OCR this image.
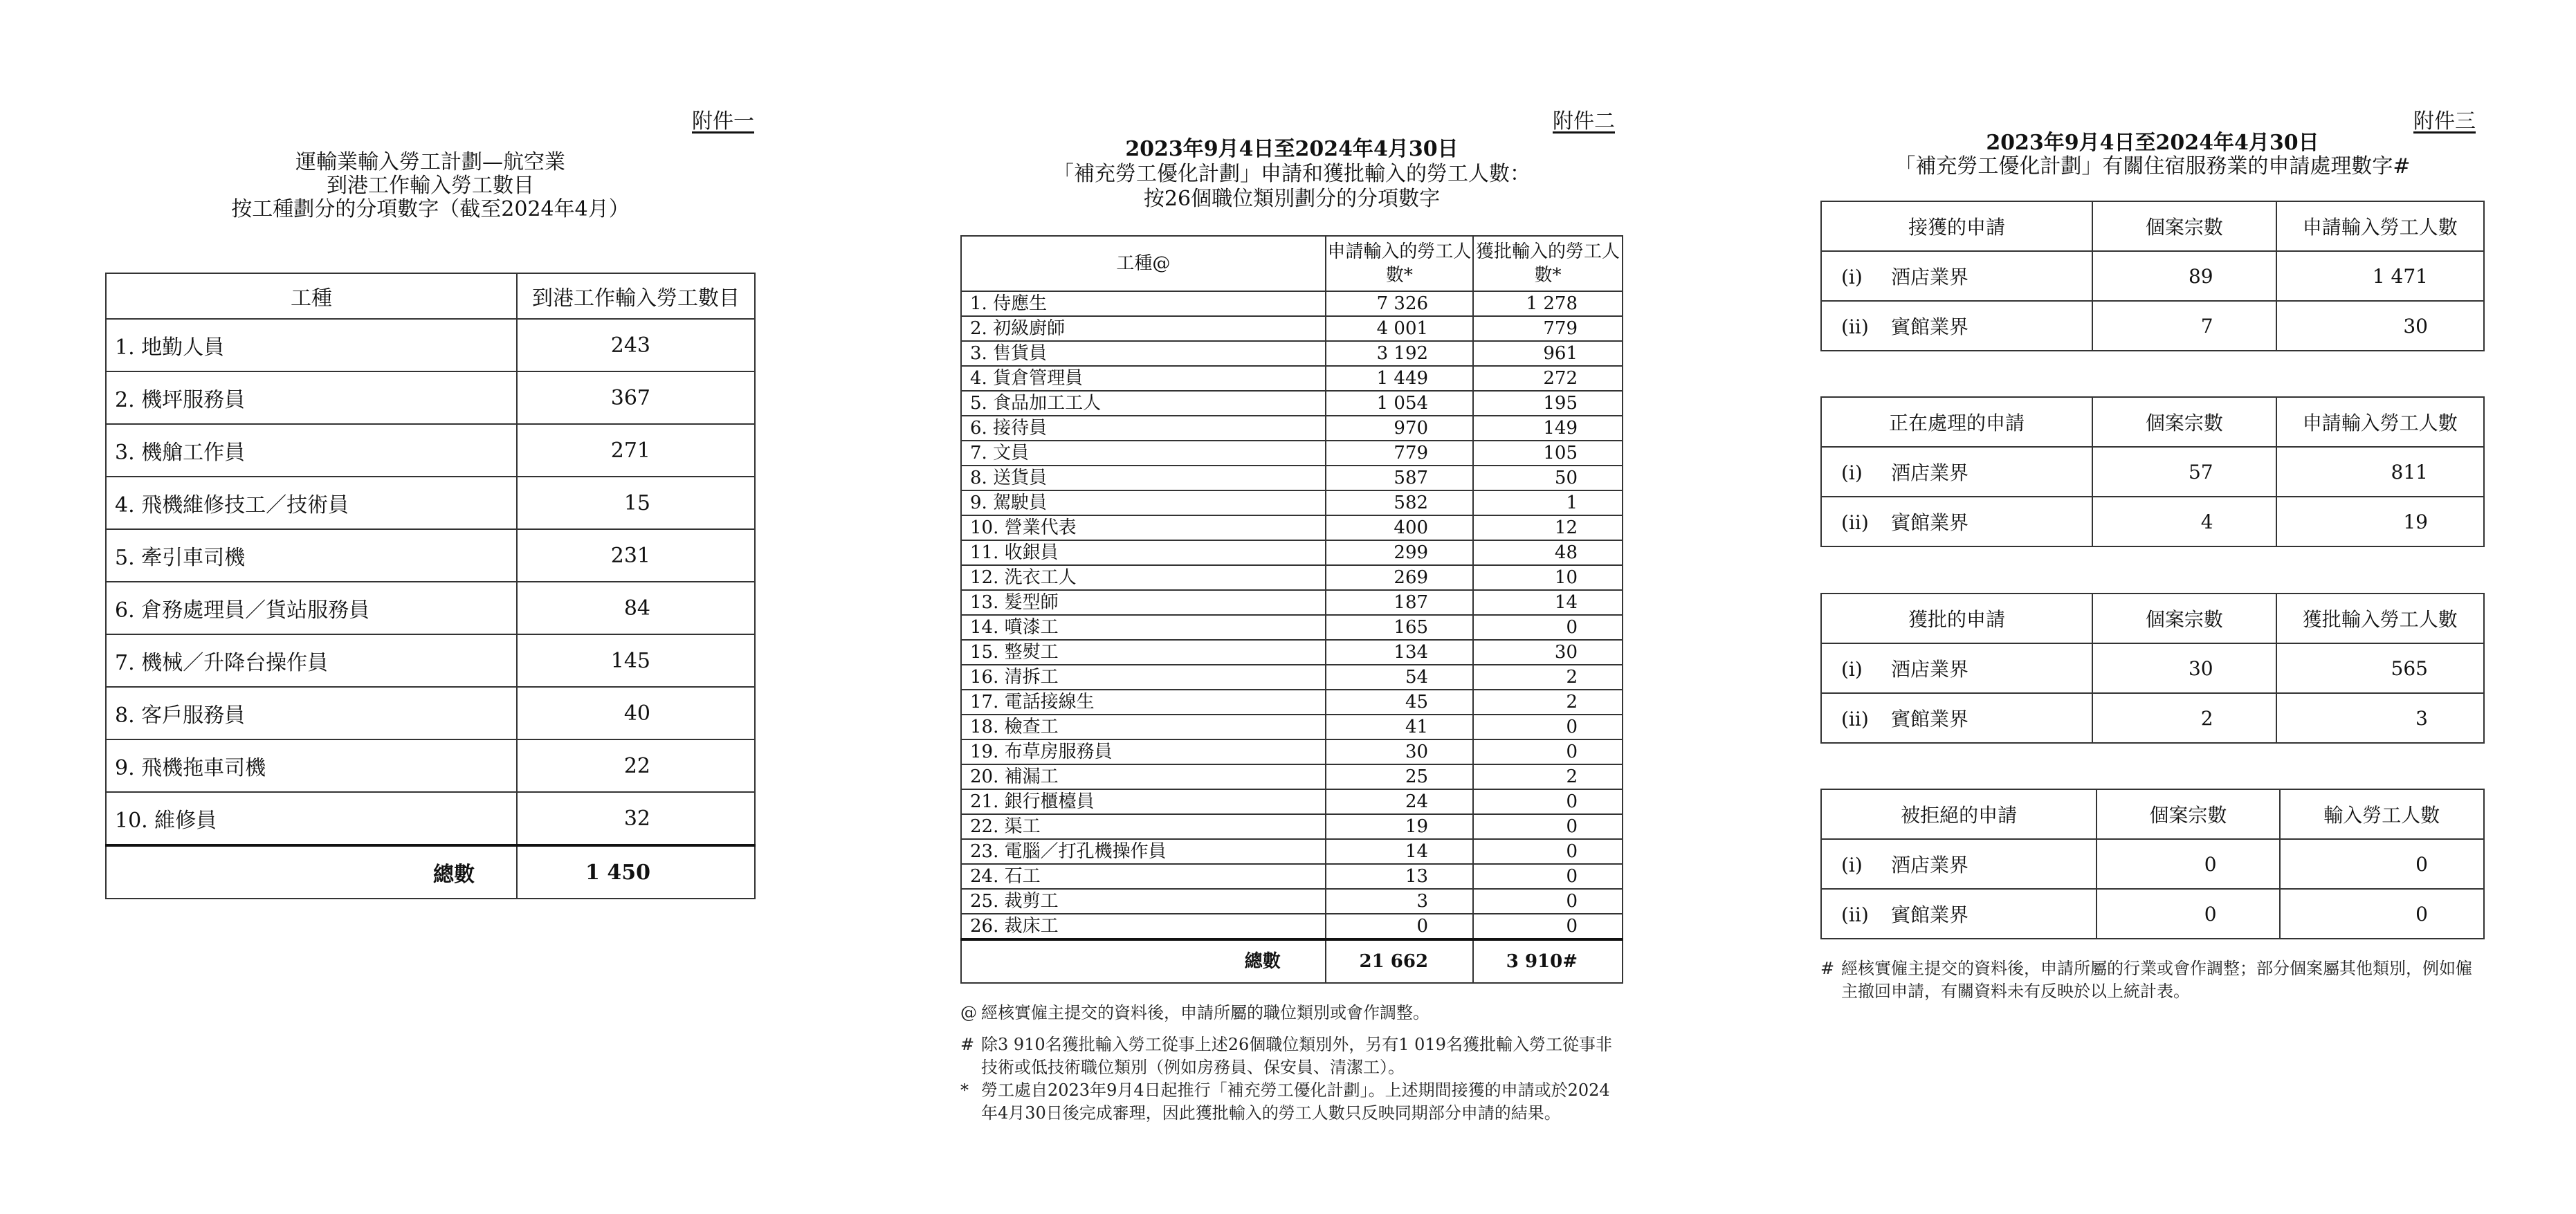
附件一
運輸業輸入勞工計劃—航空業
到港工作輸入勞工數目
按工種劃分的分項數字（截至2024年4月）
工種	到港工作輸入勞工數目
1. 地勤人員	243
2. 機坪服務員	367
3. 機艙工作員	271
4. 飛機維修技工／技術員	15
5. 牽引車司機	231
6. 倉務處理員／貨站服務員	84
7. 機械／升降台操作員	145
8. 客戶服務員	40
9. 飛機拖車司機	22
10. 維修員	32
總數	1 450
附件二
2023年9月4日至2024年4月30日
「補充勞工優化計劃」申請和獲批輸入的勞工人數：
按26個職位類別劃分的分項數字
工種@	申請輸入的勞工人數*	獲批輸入的勞工人數*
1. 侍應生	7 326	1 278
2. 初級廚師	4 001	779
3. 售貨員	3 192	961
4. 貨倉管理員	1 449	272
5. 食品加工工人	1 054	195
6. 接待員	970	149
7. 文員	779	105
8. 送貨員	587	50
9. 駕駛員	582	1
10. 營業代表	400	12
11. 收銀員	299	48
12. 洗衣工人	269	10
13. 髮型師	187	14
14. 噴漆工	165	0
15. 整熨工	134	30
16. 清拆工	54	2
17. 電話接線生	45	2
18. 檢查工	41	0
19. 布草房服務員	30	0
20. 補漏工	25	2
21. 銀行櫃檯員	24	0
22. 渠工	19	0
23. 電腦／打孔機操作員	14	0
24. 石工	13	0
25. 裁剪工	3	0
26. 裁床工	0	0
總數	21 662	3 910#
@ 經核實僱主提交的資料後，申請所屬的職位類別或會作調整。
# 除3 910名獲批輸入勞工從事上述26個職位類別外，另有1 019名獲批輸入勞工從事非技術或低技術職位類別（例如房務員、保安員、清潔工）。
* 勞工處自2023年9月4日起推行「補充勞工優化計劃」。上述期間接獲的申請或於2024 年4月30日後完成審理，因此獲批輸入的勞工人數只反映同期部分申請的結果。
附件三
2023年9月4日至2024年4月30日
「補充勞工優化計劃」有關住宿服務業的申請處理數字#
接獲的申請	個案宗數	申請輸入勞工人數
(i) 酒店業界	89	1 471
(ii) 賓館業界	7	30
正在處理的申請	個案宗數	申請輸入勞工人數
(i) 酒店業界	57	811
(ii) 賓館業界	4	19
獲批的申請	個案宗數	獲批輸入勞工人數
(i) 酒店業界	30	565
(ii) 賓館業界	2	3
被拒絕的申請	個案宗數	輸入勞工人數
(i) 酒店業界	0	0
(ii) 賓館業界	0	0
# 經核實僱主提交的資料後，申請所屬的行業或會作調整；部分個案屬其他類別，例如僱主撤回申請，有關資料未有反映於以上統計表。
